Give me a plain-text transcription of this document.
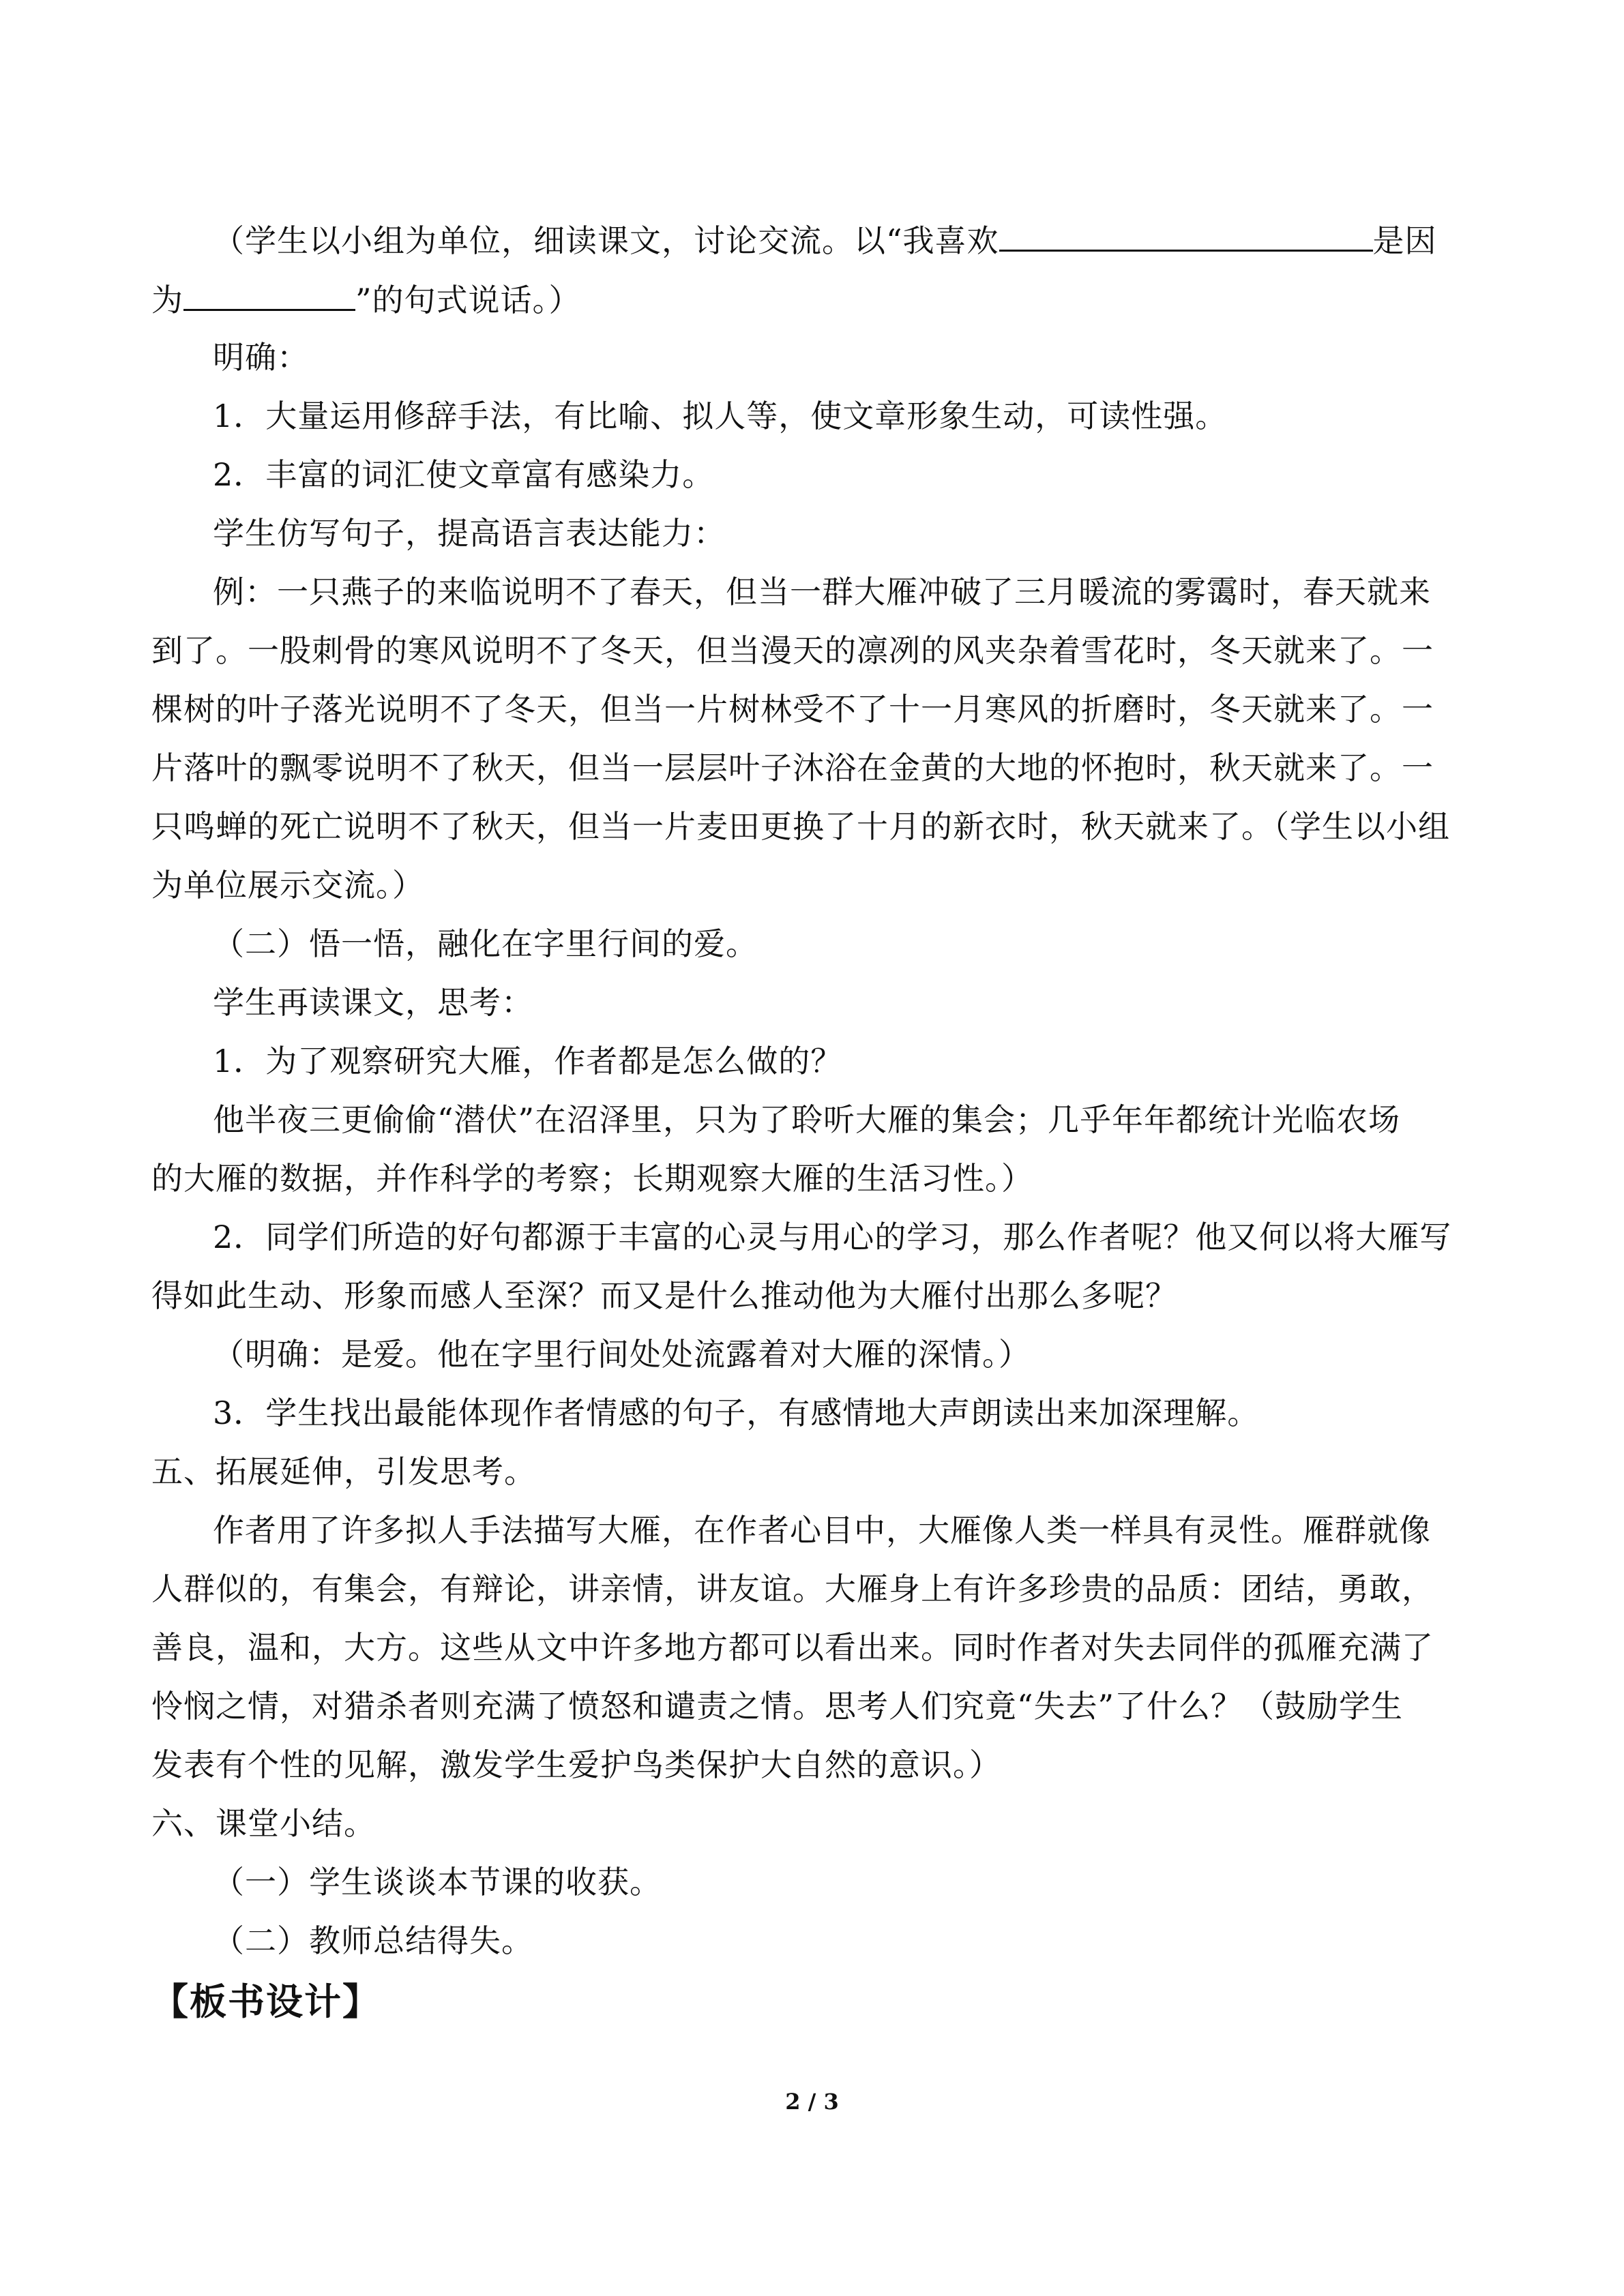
（学生以小组为单位，细读课文，讨论交流。以“我喜欢	是因
为	”的句式说话。）
明确：
1．大量运用修辞手法，有比喻、拟人等，使文章形象生动，可读性强。
2．丰富的词汇使文章富有感染力。
学生仿写句子，提高语言表达能力：
例：一只燕子的来临说明不了春天，但当一群大雁冲破了三月暖流的雾霭时，春天就来
到了。一股刺骨的寒风说明不了冬天，但当漫天的凛冽的风夹杂着雪花时，冬天就来了。一
棵树的叶子落光说明不了冬天，但当一片树林受不了十一月寒风的折磨时，冬天就来了。一
片落叶的飘零说明不了秋天，但当一层层叶子沐浴在金黄的大地的怀抱时，秋天就来了。一
只鸣蝉的死亡说明不了秋天，但当一片麦田更换了十月的新衣时，秋天就来了。（学生以小组
为单位展示交流。）
（二）悟一悟，融化在字里行间的爱。
学生再读课文，思考：
1．为了观察研究大雁，作者都是怎么做的？
他半夜三更偷偷“潜伏”在沼泽里，只为了聆听大雁的集会；几乎年年都统计光临农场
的大雁的数据，并作科学的考察；长期观察大雁的生活习性。）
2．同学们所造的好句都源于丰富的心灵与用心的学习，那么作者呢？他又何以将大雁写
得如此生动、形象而感人至深？而又是什么推动他为大雁付出那么多呢？
（明确：是爱。他在字里行间处处流露着对大雁的深情。）
3．学生找出最能体现作者情感的句子，有感情地大声朗读出来加深理解。
五、拓展延伸，引发思考。
作者用了许多拟人手法描写大雁，在作者心目中，大雁像人类一样具有灵性。雁群就像
人群似的，有集会，有辩论，讲亲情，讲友谊。大雁身上有许多珍贵的品质：团结，勇敢，
善良，温和，大方。这些从文中许多地方都可以看出来。同时作者对失去同伴的孤雁充满了
怜悯之情，对猎杀者则充满了愤怒和谴责之情。思考人们究竟“失去”了什么？（鼓励学生
发表有个性的见解，激发学生爱护鸟类保护大自然的意识。）
六、课堂小结。
（一）学生谈谈本节课的收获。
（二）教师总结得失。
【板书设计】
2 / 3
